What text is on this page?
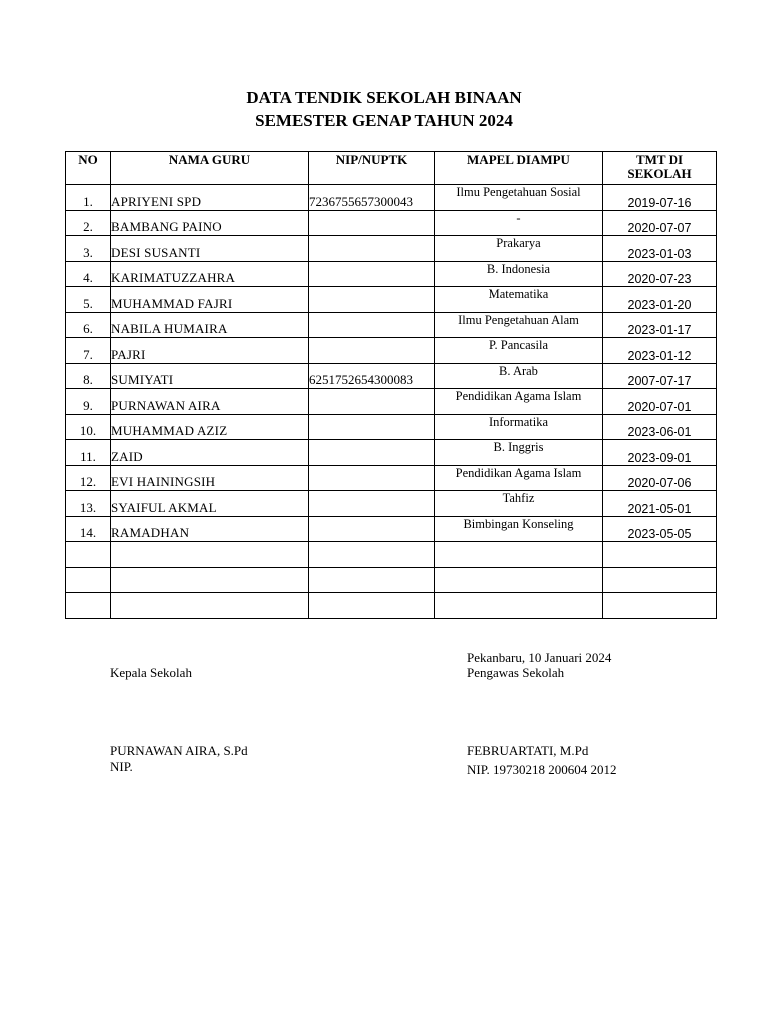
DATA TENDIK SEKOLAH BINAAN
SEMESTER GENAP TAHUN 2024
NO	NAMA GURU	NIP/NUPTK	MAPEL DIAMPU	TMT DI SEKOLAH
1.	APRIYENI SPD	7236755657300043	Ilmu Pengetahuan Sosial	2019-07-16
2.	BAMBANG PAINO		-	2020-07-07
3.	DESI SUSANTI		Prakarya	2023-01-03
4.	KARIMATUZZAHRA		B. Indonesia	2020-07-23
5.	MUHAMMAD FAJRI		Matematika	2023-01-20
6.	NABILA HUMAIRA		Ilmu Pengetahuan Alam	2023-01-17
7.	PAJRI		P. Pancasila	2023-01-12
8.	SUMIYATI	6251752654300083	B. Arab	2007-07-17
9.	PURNAWAN AIRA		Pendidikan Agama Islam	2020-07-01
10.	MUHAMMAD AZIZ		Informatika	2023-06-01
11.	ZAID		B. Inggris	2023-09-01
12.	EVI HAININGSIH		Pendidikan Agama Islam	2020-07-06
13.	SYAIFUL AKMAL		Tahfiz	2021-05-01
14.	RAMADHAN		Bimbingan Konseling	2023-05-05

Pekanbaru, 10 Januari 2024
Kepala Sekolah	Pengawas Sekolah
PURNAWAN AIRA, S.Pd
NIP.
FEBRUARTATI, M.Pd
NIP. 19730218 200604 2012
